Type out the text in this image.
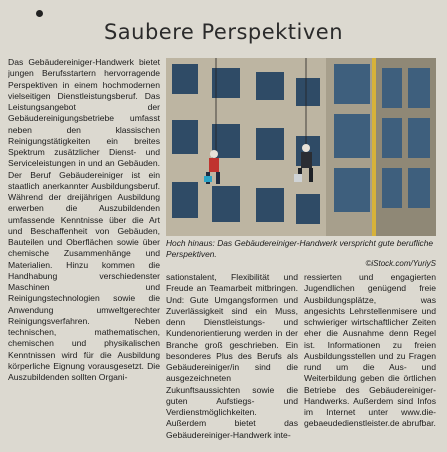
Saubere Perspektiven

Das Gebäudereiniger-Handwerk bietet jungen Berufsstartern hervorragende Perspektiven in einem hochmodernen vielseitigen Dienstleistungsberuf. Das Leistungsangebot der Gebäudereinigungsbetriebe umfasst neben den klassischen Reinigungstätigkeiten ein breites Spektrum zusätzlicher Dienst- und Serviceleistungen in und an Gebäuden. Der Beruf Gebäudereiniger ist ein staatlich anerkannter Ausbildungsberuf. Während der dreijährigen Ausbildung erwerben die Auszubildenden umfassende Kenntnisse über die Art und Beschaffenheit von Gebäuden, Bauteilen und Oberflächen sowie über chemische Zusammenhänge und Materialien. Hinzu kommen die Handhabung verschiedenster Maschinen und Reinigungstechnologien sowie die Anwendung umweltgerechter Reinigungsverfahren. Neben technischen, mathematischen, chemischen und physikalischen Kenntnissen wird für die Ausbildung körperliche Eignung vorausgesetzt. Die Auszubildenden sollten Organi-

Hoch hinaus: Das Gebäudereiniger-Handwerk verspricht gute berufliche Perspektiven.

©iStock.com/YuriyS

sationstalent, Flexibilität und Freude an Teamarbeit mitbringen. Und: Gute Umgangsformen und Zuverlässigkeit sind ein Muss, denn Dienstleistungs- und Kundenorientierung werden in der Branche groß geschrieben. Ein besonderes Plus des Berufs als Gebäudereiniger/in sind die ausgezeichneten Zukunftsaussichten sowie die guten Aufstiegs- und Verdienstmöglichkeiten. Außerdem bietet das Gebäudereiniger-Handwerk inte-

ressierten und engagierten Jugendlichen genügend freie Ausbildungsplätze, was angesichts Lehrstellenmisere und schwieriger wirtschaftlicher Zeiten eher die Ausnahme denn Regel ist. Informationen zu freien Ausbildungsstellen und zu Fragen rund um die Aus- und Weiterbildung geben die örtlichen Betriebe des Gebäudereiniger-Handwerks. Außerdem sind Infos im Internet unter www.die-gebaeudedienstleister.de abrufbar.
